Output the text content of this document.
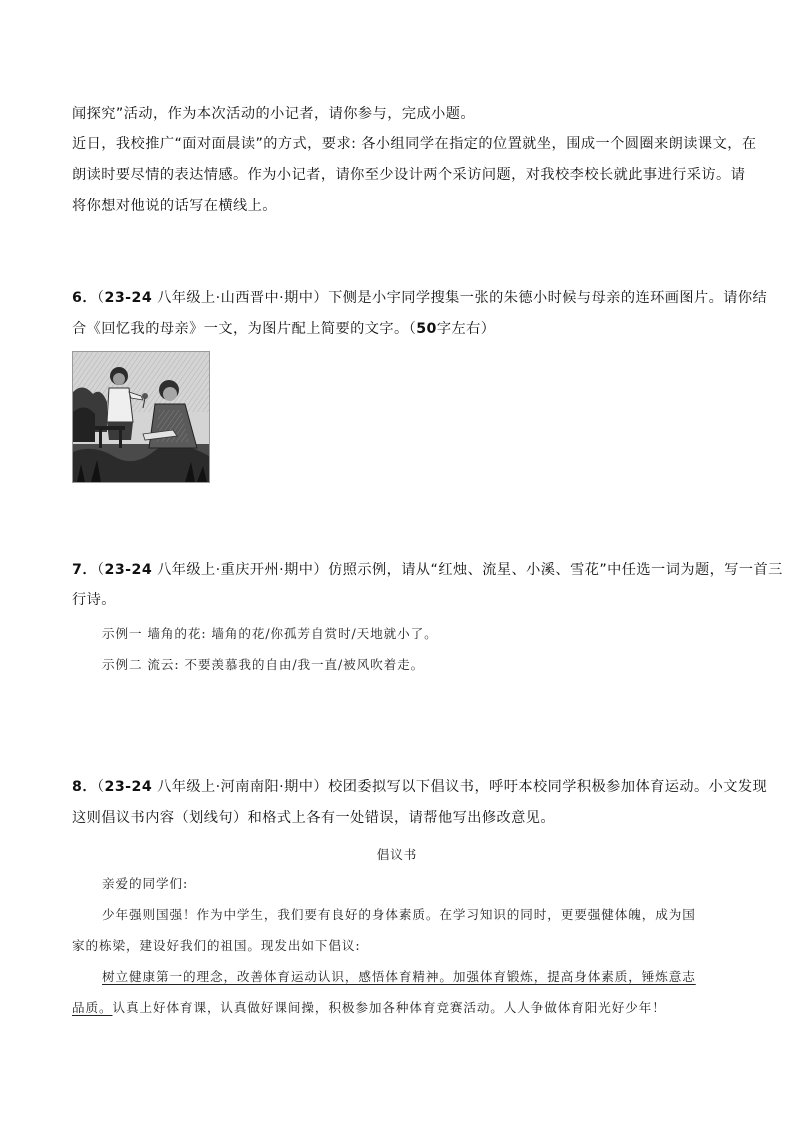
闻探究”活动，作为本次活动的小记者，请你参与，完成小题。
近日，我校推广“面对面晨读”的方式，要求: 各小组同学在指定的位置就坐，围成一个圆圈来朗读课文，在
朗读时要尽情的表达情感。作为小记者，请你至少设计两个采访问题，对我校李校长就此事进行采访。请
将你想对他说的话写在横线上。
6．（23-24 八年级上·山西晋中·期中）下侧是小宇同学搜集一张的朱德小时候与母亲的连环画图片。请你结
合《回忆我的母亲》一文，为图片配上简要的文字。（50字左右）
7．（23-24 八年级上·重庆开州·期中）仿照示例，请从“红烛、流星、小溪、雪花”中任选一词为题，写一首三
行诗。
示例一 墙角的花: 墙角的花/你孤芳自赏时/天地就小了。
示例二 流云: 不要羡慕我的自由/我一直/被风吹着走。
8．（23-24 八年级上·河南南阳·期中）校团委拟写以下倡议书，呼吁本校同学积极参加体育运动。小文发现
这则倡议书内容（划线句）和格式上各有一处错误，请帮他写出修改意见。
倡议书
亲爱的同学们:
少年强则国强！作为中学生，我们要有良好的身体素质。在学习知识的同时，更要强健体魄，成为国
家的栋梁，建设好我们的祖国。现发出如下倡议:
树立健康第一的理念，改善体育运动认识，感悟体育精神。加强体育锻炼，提高身体素质，锤炼意志
品质。认真上好体育课，认真做好课间操，积极参加各种体育竞赛活动。人人争做体育阳光好少年！
